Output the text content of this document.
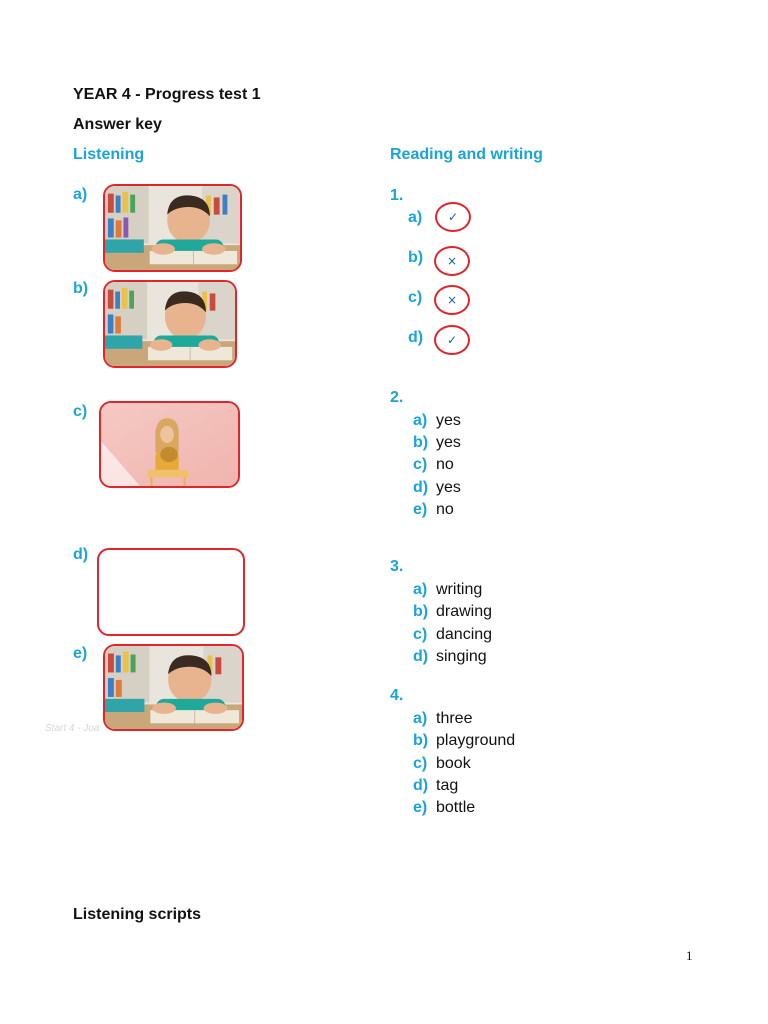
YEAR 4 - Progress test 1
Answer key
Listening
a)
b)
c)
d)
e)
Start 4 - Joa
Reading and writing
1.
a) ✓
b) ×
c) ×
d) ✓
2.
a) yes
b) yes
c) no
d) yes
e) no
3.
a) writing
b) drawing
c) dancing
d) singing
4.
a) three
b) playground
c) book
d) tag
e) bottle
Listening scripts
1
